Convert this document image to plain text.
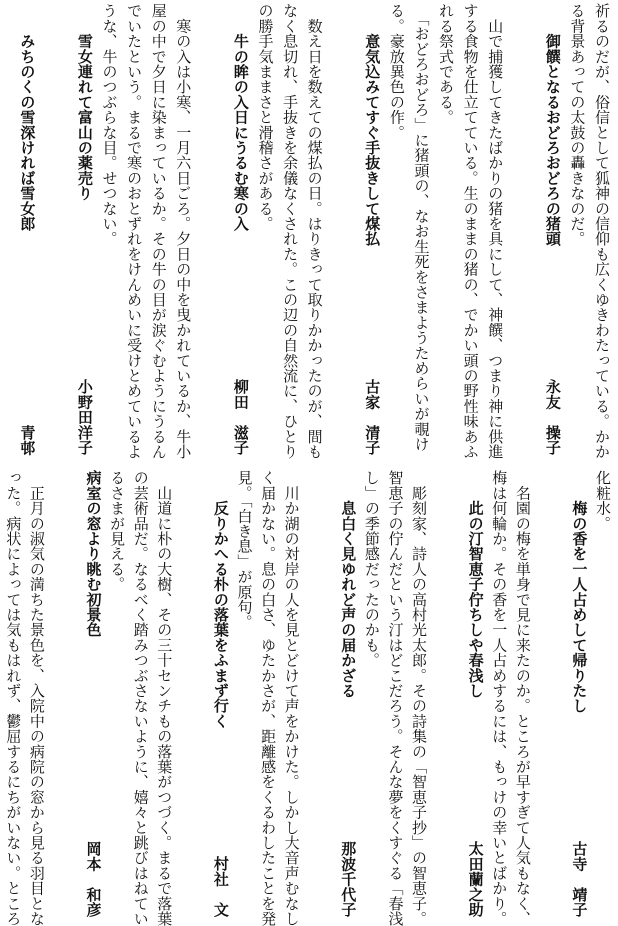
祈るのだが、俗信として狐神の信仰も広くゆきわたっている。かか
る背景あっての太鼓の轟きなのだ。
　　御饌となるおどろおどろの猪頭
永友　操子
　山で捕獲してきたばかりの猪を具にして、神饌、つまり神に供進
する食物を仕立てている。生のままの猪の、でかい頭の野性味あふ
れる祭式である。
　「おどろおどろ」に猪頭の、なお生死をさまようためらいが覗け
る。豪放異色の作。
　　意気込みてすぐ手抜きして煤払
古家　清子
　数え日を数えての煤払の日。はりきって取りかかったのが、間も
なく息切れ、手抜きを余儀なくされた。この辺の自然流に、ひとり
の勝手気ままさと滑稽さがある。
　　牛の眸の入日にうるむ寒の入
柳田　滋子
　寒の入は小寒、一月六日ごろ。夕日の中を曳かれているか、牛小
屋の中で夕日に染まっているか。その牛の目が涙ぐむようにうるん
でいたという。まるで寒のおとずれをけんめいに受けとめているよ
うな、牛のつぶらな目。せつない。
　　雪女連れて富山の薬売り
小野田洋子
　　みちのくの雪深ければ雪女郎
青邨
化粧水。
　　梅の香を一人占めして帰りたし
古寺　靖子
　名園の梅を単身で見に来たのか。ところが早すぎて人気もなく、
梅は何輪か。その香を一人占めするには、もっけの幸いとばかり。
　　此の汀智恵子佇ちしや春浅し
太田蘭之助
　彫刻家、詩人の高村光太郎。その詩集の「智恵子抄」の智恵子。
智恵子の佇んだという汀はどこだろう。そんな夢をくすぐる「春浅
し」の季節感だったのかも。
　　息白く見ゆれど声の届かざる
那波千代子
　川か湖の対岸の人を見とどけて声をかけた。しかし大音声むなし
く届かない。息の白さ、ゆたかさが、距離感をくるわしたことを発
見。「白き息」が原句。
　　反りかへる朴の落葉をふまず行く
村社　文
　山道に朴の大樹、その三十センチもの落葉がつづく。まるで落葉
の芸術品だ。なるべく踏みつぶさないように、嬉々と跳びはねてい
るさまが見える。
病室の窓より眺む初景色
岡本　和彦
　正月の淑気の満ちた景色を、入院中の病院の窓から見る羽目とな
った。病状によっては気もはれず、鬱屈するにちがいない。ところ
